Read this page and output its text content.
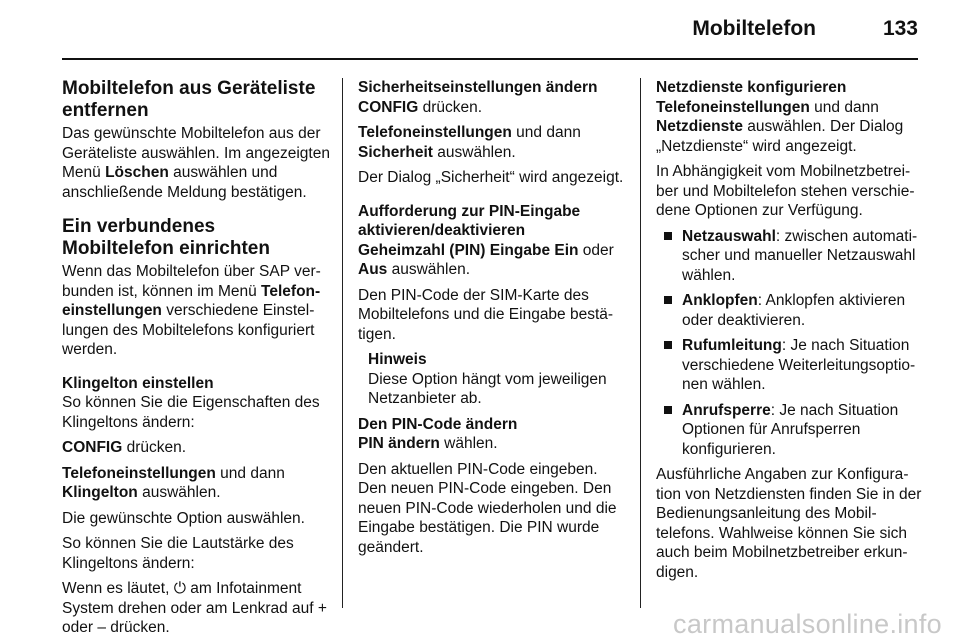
Mobiltelefon	133
Mobiltelefon aus Geräteliste entfernen

Das gewünschte Mobiltelefon aus der Geräteliste auswählen. Im angezeigten Menü Löschen auswählen und anschließende Meldung bestätigen.

Ein verbundenes Mobiltelefon einrichten

Wenn das Mobiltelefon über SAP verbunden ist, können im Menü Telefoneinstellungen verschiedene Einstellungen des Mobiltelefons konfiguriert werden.

Klingelton einstellen

So können Sie die Eigenschaften des Klingeltons ändern:

CONFIG drücken.

Telefoneinstellungen und dann Klingelton auswählen.

Die gewünschte Option auswählen.

So können Sie die Lautstärke des Klingeltons ändern:

Wenn es läutet, ⏻ am Infotainment System drehen oder am Lenkrad auf + oder – drücken.

Sicherheitseinstellungen ändern

CONFIG drücken.

Telefoneinstellungen und dann Sicherheit auswählen.

Der Dialog „Sicherheit“ wird angezeigt.

Aufforderung zur PIN-Eingabe aktivieren/deaktivieren

Geheimzahl (PIN) Eingabe Ein oder Aus auswählen.

Den PIN-Code der SIM-Karte des Mobiltelefons und die Eingabe bestätigen.

Hinweis
Diese Option hängt vom jeweiligen Netzanbieter ab.
Den PIN-Code ändern

PIN ändern wählen.

Den aktuellen PIN-Code eingeben. Den neuen PIN-Code eingeben. Den neuen PIN-Code wiederholen und die Eingabe bestätigen. Die PIN wurde geändert.

Netzdienste konfigurieren

Telefoneinstellungen und dann Netzdienste auswählen. Der Dialog „Netzdienste“ wird angezeigt.

In Abhängigkeit vom Mobilnetzbetreiber und Mobiltelefon stehen verschiedene Optionen zur Verfügung.

Netzauswahl: zwischen automatischer und manueller Netzauswahl wählen.
Anklopfen: Anklopfen aktivieren oder deaktivieren.
Rufumleitung: Je nach Situation verschiedene Weiterleitungsoptionen wählen.
Anrufsperre: Je nach Situation Optionen für Anrufsperren konfigurieren.

Ausführliche Angaben zur Konfiguration von Netzdiensten finden Sie in der Bedienungsanleitung des Mobiltelefons. Wahlweise können Sie sich auch beim Mobilnetzbetreiber erkundigen.

carmanualsonline.info
